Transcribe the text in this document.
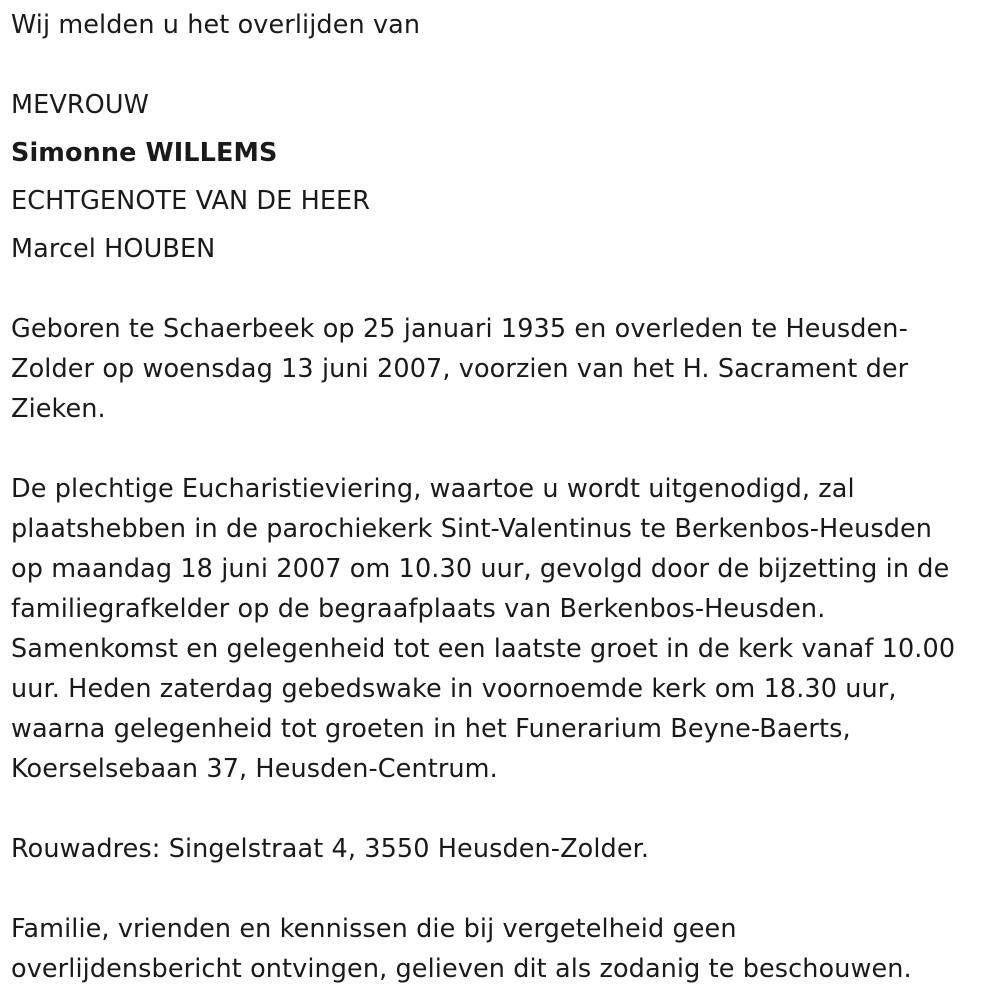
Wij melden u het overlijden van
MEVROUW
Simonne WILLEMS
ECHTGENOTE VAN DE HEER
Marcel HOUBEN
Geboren te Schaerbeek op 25 januari 1935 en overleden te Heusden-
Zolder op woensdag 13 juni 2007, voorzien van het H. Sacrament der
Zieken.
De plechtige Eucharistieviering, waartoe u wordt uitgenodigd, zal
plaatshebben in de parochiekerk Sint-Valentinus te Berkenbos-Heusden
op maandag 18 juni 2007 om 10.30 uur, gevolgd door de bijzetting in de
familiegrafkelder op de begraafplaats van Berkenbos-Heusden.
Samenkomst en gelegenheid tot een laatste groet in de kerk vanaf 10.00
uur. Heden zaterdag gebedswake in voornoemde kerk om 18.30 uur,
waarna gelegenheid tot groeten in het Funerarium Beyne-Baerts,
Koerselsebaan 37, Heusden-Centrum.
Rouwadres: Singelstraat 4, 3550 Heusden-Zolder.
Familie, vrienden en kennissen die bij vergetelheid geen
overlijdensbericht ontvingen, gelieven dit als zodanig te beschouwen.
